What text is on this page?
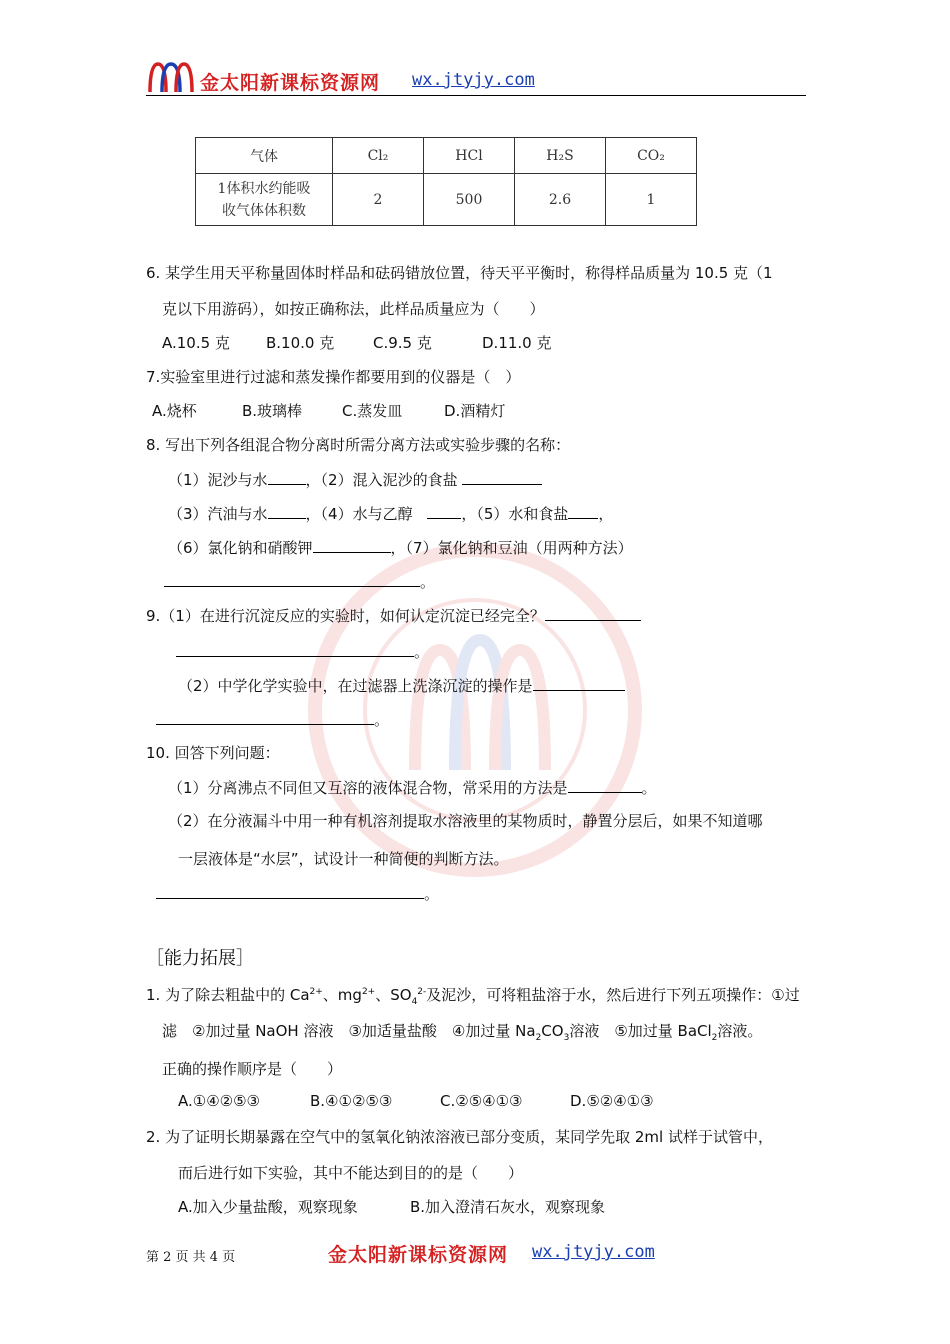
金太阳新课标资源网 wx.jtyjy.com
气体	Cl₂	HCl	H₂S	CO₂

1体积水约能吸
收气体体积数	2	500	2.6	1
6. 某学生用天平称量固体时样品和砝码错放位置，待天平平衡时，称得样品质量为 10.5 克（1
克以下用游码），如按正确称法，此样品质量应为（　　）
A.10.5 克 B.10.0 克	C.9.5 克	D.11.0 克
7.实验室里进行过滤和蒸发操作都要用到的仪器是（　）
A.烧杯	B.玻璃棒	C.蒸发皿	D.酒精灯
8. 写出下列各组混合物分离时所需分离方法或实验步骤的名称：
（1）泥沙与水	，（2）混入泥沙的食盐
（3）汽油与水	，（4）水与乙醇	，（5）水和食盐 ，
（6）氯化钠和硝酸钾	，（7）氯化钠和豆油（用两种方法）
。
9.（1）在进行沉淀反应的实验时，如何认定沉淀已经完全？
。
（2）中学化学实验中，在过滤器上洗涤沉淀的操作是
。
10. 回答下列问题：
（1）分离沸点不同但又互溶的液体混合物，常采用的方法是	。
（2）在分液漏斗中用一种有机溶剂提取水溶液里的某物质时，静置分层后，如果不知道哪
一层液体是“水层”，试设计一种简便的判断方法。
。
［能力拓展］
1. 为了除去粗盐中的 $Ca^{2+}$、$mg^{2+}$、$SO_4^{2-}$及泥沙，可将粗盐溶于水，然后进行下列五项操作：①过
滤　②加过量 NaOH 溶液　③加适量盐酸　④加过量 $Na_2CO_3$溶液　⑤加过量 BaCl$_2$溶液。
正确的操作顺序是（　　）
A.①④②⑤③	B.④①②⑤③	C.②⑤④①③	D.⑤②④①③
2. 为了证明长期暴露在空气中的氢氧化钠浓溶液已部分变质，某同学先取 2ml 试样于试管中，
而后进行如下实验，其中不能达到目的的是（　　）
A.加入少量盐酸，观察现象	B.加入澄清石灰水，观察现象
第 2 页 共 4 页	金太阳新课标资源网 wx.jtyjy.com
